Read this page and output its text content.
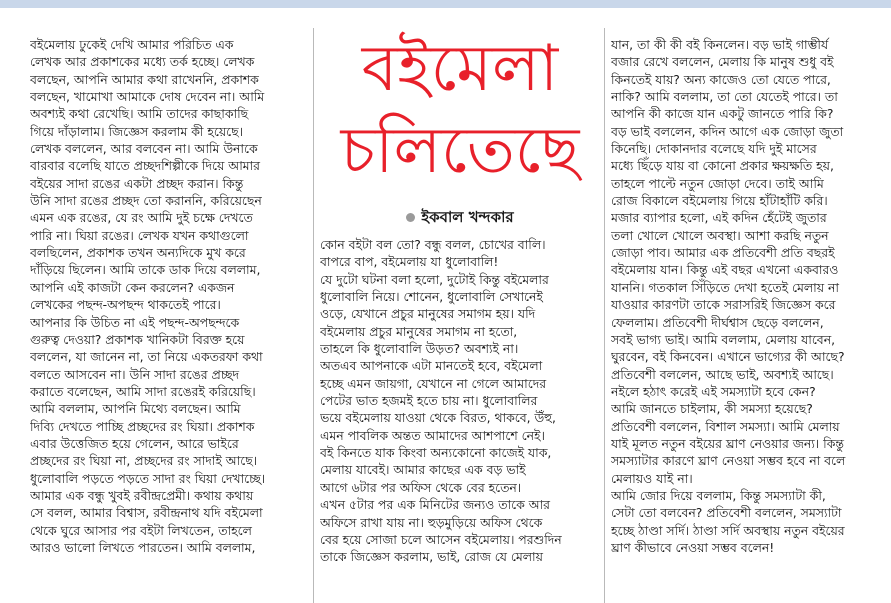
বইমেলায় ঢুকেই দেখি আমার পরিচিত এক
লেখক আর প্রকাশকের মধ্যে তর্ক হচ্ছে। লেখক
বলছেন, আপনি আমার কথা রাখেননি, প্রকাশক
বলছেন, খামোখা আমাকে দোষ দেবেন না। আমি
অবশ্যই কথা রেখেছি। আমি তাদের কাছাকাছি
গিয়ে দাঁড়ালাম। জিজ্ঞেস করলাম কী হয়েছে।
লেখক বললেন, আর বলবেন না। আমি উনাকে
বারবার বলেছি যাতে প্রচ্ছদশিল্পীকে দিয়ে আমার
বইয়ের সাদা রঙের একটা প্রচ্ছদ করান। কিন্তু
উনি সাদা রঙের প্রচ্ছদ তো করাননি, করিয়েছেন
এমন এক রঙের, যে রং আমি দুই চক্ষে দেখতে
পারি না। ঘিয়া রঙের। লেখক যখন কথাগুলো
বলছিলেন, প্রকাশক তখন অন্যদিকে মুখ করে
দাঁড়িয়ে ছিলেন। আমি তাকে ডাক দিয়ে বললাম,
আপনি এই কাজটা কেন করলেন? একজন
লেখকের পছন্দ-অপছন্দ থাকতেই পারে।
আপনার কি উচিত না এই পছন্দ-অপছন্দকে
গুরুত্ব দেওয়া? প্রকাশক খানিকটা বিরক্ত হয়ে
বললেন, যা জানেন না, তা নিয়ে একতরফা কথা
বলতে আসবেন না। উনি সাদা রঙের প্রচ্ছদ
করাতে বলেছেন, আমি সাদা রঙেরই করিয়েছি।
আমি বললাম, আপনি মিথ্যে বলছেন। আমি
দিব্যি দেখতে পাচ্ছি প্রচ্ছদের রং ঘিয়া। প্রকাশক
এবার উত্তেজিত হয়ে গেলেন, আরে ভাইরে
প্রচ্ছদের রং ঘিয়া না, প্রচ্ছদের রং সাদাই আছে।
ধুলোবালি পড়তে পড়তে সাদা রং ঘিয়া দেখাচ্ছে।
আমার এক বন্ধু খুবই রবীন্দ্রপ্রেমী। কথায় কথায়
সে বলল, আমার বিশ্বাস, রবীন্দ্রনাথ যদি বইমেলা
থেকে ঘুরে আসার পর বইটা লিখতেন, তাহলে
আরও ভালো লিখতে পারতেন। আমি বললাম,
বইমেলা
চলিতেছে
ইকবাল খন্দকার
কোন বইটা বল তো? বন্ধু বলল, চোখের বালি।
বাপরে বাপ, বইমেলায় যা ধুলোবালি!
যে দুটো ঘটনা বলা হলো, দুটোই কিন্তু বইমেলার
ধুলোবালি নিয়ে। শোনেন, ধুলোবালি সেখানেই
ওড়ে, যেখানে প্রচুর মানুষের সমাগম হয়। যদি
বইমেলায় প্রচুর মানুষের সমাগম না হতো,
তাহলে কি ধুলোবালি উড়ত? অবশ্যই না।
অতএব আপনাকে এটা মানতেই হবে, বইমেলা
হচ্ছে এমন জায়গা, যেখানে না গেলে আমাদের
পেটের ভাত হজমই হতে চায় না। ধুলোবালির
ভয়ে বইমেলায় যাওয়া থেকে বিরত, থাকবে, উঁহু,
এমন পাবলিক অন্তত আমাদের আশপাশে নেই।
বই কিনতে যাক কিংবা অন্যকোনো কাজেই যাক,
মেলায় যাবেই। আমার কাছের এক বড় ভাই
আগে ৬টার পর অফিস থেকে বের হতেন।
এখন ৫টার পর এক মিনিটের জন্যও তাকে আর
অফিসে রাখা যায় না। হুড়মুড়িয়ে অফিস থেকে
বের হয়ে সোজা চলে আসেন বইমেলায়। পরশুদিন
তাকে জিজ্ঞেস করলাম, ভাই, রোজ যে মেলায়
যান, তা কী কী বই কিনলেন। বড় ভাই গাম্ভীর্য
বজার রেখে বললেন, মেলায় কি মানুষ শুধু বই
কিনতেই যায়? অন্য কাজেও তো যেতে পারে,
নাকি? আমি বললাম, তা তো যেতেই পারে। তা
আপনি কী কাজে যান একটু জানতে পারি কি?
বড় ভাই বললেন, কদিন আগে এক জোড়া জুতা
কিনেছি। দোকানদার বলেছে যদি দুই মাসের
মধ্যে ছিঁড়ে যায় বা কোনো প্রকার ক্ষয়ক্ষতি হয়,
তাহলে পাল্টে নতুন জোড়া দেবে। তাই আমি
রোজ বিকালে বইমেলায় গিয়ে হাঁটাহাঁটি করি।
মজার ব্যাপার হলো, এই কদিন হেঁটেই জুতার
তলা খোলে খোলে অবস্থা। আশা করছি নতুন
জোড়া পাব। আমার এক প্রতিবেশী প্রতি বছরই
বইমেলায় যান। কিন্তু এই বছর এখনো একবারও
যাননি। গতকাল সিঁড়িতে দেখা হতেই মেলায় না
যাওয়ার কারণটা তাকে সরাসরিই জিজ্ঞেস করে
ফেললাম। প্রতিবেশী দীর্ঘশ্বাস ছেড়ে বললেন,
সবই ভাগ্য ভাই। আমি বললাম, মেলায় যাবেন,
ঘুরবেন, বই কিনবেন। এখানে ভাগ্যের কী আছে?
প্রতিবেশী বললেন, আছে ভাই, অবশ্যই আছে।
নইলে হঠাৎ করেই এই সমস্যাটা হবে কেন?
আমি জানতে চাইলাম, কী সমস্যা হয়েছে?
প্রতিবেশী বললেন, বিশাল সমস্যা। আমি মেলায়
যাই মূলত নতুন বইয়ের ঘ্রাণ নেওয়ার জন্য। কিন্তু
সমস্যাটার কারণে ঘ্রাণ নেওয়া সম্ভব হবে না বলে
মেলায়ও যাই না।
আমি জোর দিয়ে বললাম, কিন্তু সমস্যাটা কী,
সেটা তো বলবেন? প্রতিবেশী বললেন, সমস্যাটা
হচ্ছে ঠাণ্ডা সর্দি। ঠাণ্ডা সর্দি অবস্থায় নতুন বইয়ের
ঘ্রাণ কীভাবে নেওয়া সম্ভব বলেন!
